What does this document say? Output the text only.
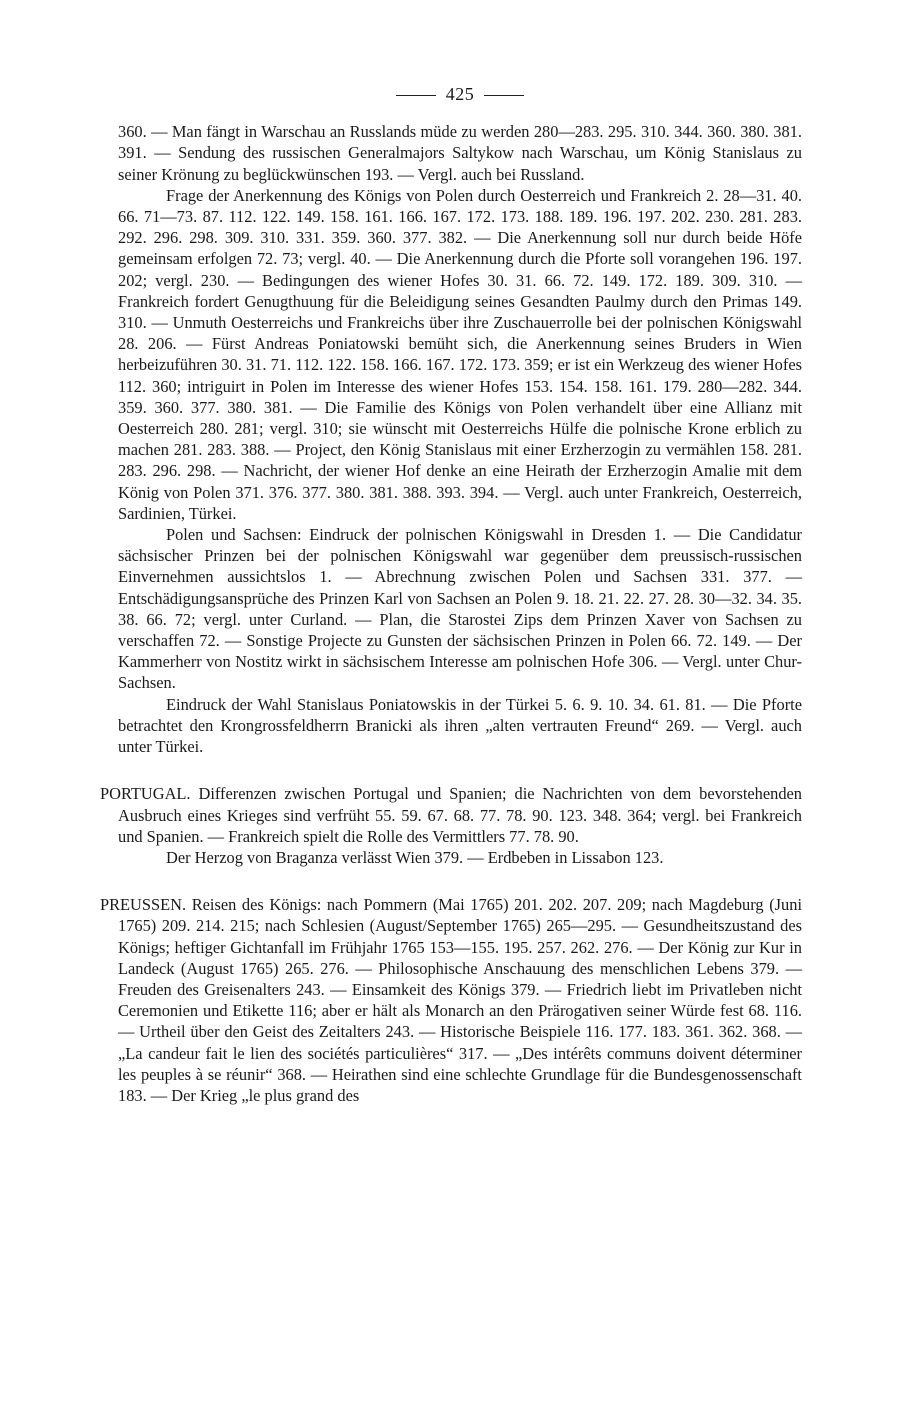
425

360. — Man fängt in Warschau an Russlands müde zu werden 280—283. 295. 310. 344. 360. 380. 381. 391. — Sendung des russischen Generalmajors Saltykow nach Warschau, um König Stanislaus zu seiner Krönung zu beglückwünschen 193. — Vergl. auch bei Russland.

Frage der Anerkennung des Königs von Polen durch Oesterreich und Frankreich 2. 28—31. 40. 66. 71—73. 87. 112. 122. 149. 158. 161. 166. 167. 172. 173. 188. 189. 196. 197. 202. 230. 281. 283. 292. 296. 298. 309. 310. 331. 359. 360. 377. 382. — Die Anerkennung soll nur durch beide Höfe gemeinsam erfolgen 72. 73; vergl. 40. — Die Anerkennung durch die Pforte soll vorangehen 196. 197. 202; vergl. 230. — Bedingungen des wiener Hofes 30. 31. 66. 72. 149. 172. 189. 309. 310. — Frankreich fordert Genugthuung für die Beleidigung seines Gesandten Paulmy durch den Primas 149. 310. — Unmuth Oesterreichs und Frankreichs über ihre Zuschauerrolle bei der polnischen Königswahl 28. 206. — Fürst Andreas Poniatowski bemüht sich, die Anerkennung seines Bruders in Wien herbeizuführen 30. 31. 71. 112. 122. 158. 166. 167. 172. 173. 359; er ist ein Werkzeug des wiener Hofes 112. 360; intriguirt in Polen im Interesse des wiener Hofes 153. 154. 158. 161. 179. 280—282. 344. 359. 360. 377. 380. 381. — Die Familie des Königs von Polen verhandelt über eine Allianz mit Oesterreich 280. 281; vergl. 310; sie wünscht mit Oesterreichs Hülfe die polnische Krone erblich zu machen 281. 283. 388. — Project, den König Stanislaus mit einer Erzherzogin zu vermählen 158. 281. 283. 296. 298. — Nachricht, der wiener Hof denke an eine Heirath der Erzherzogin Amalie mit dem König von Polen 371. 376. 377. 380. 381. 388. 393. 394. — Vergl. auch unter Frankreich, Oesterreich, Sardinien, Türkei.

Polen und Sachsen: Eindruck der polnischen Königswahl in Dresden 1. — Die Candidatur sächsischer Prinzen bei der polnischen Königswahl war gegenüber dem preussisch-russischen Einvernehmen aussichtslos 1. — Abrechnung zwischen Polen und Sachsen 331. 377. — Entschädigungsansprüche des Prinzen Karl von Sachsen an Polen 9. 18. 21. 22. 27. 28. 30—32. 34. 35. 38. 66. 72; vergl. unter Curland. — Plan, die Starostei Zips dem Prinzen Xaver von Sachsen zu verschaffen 72. — Sonstige Projecte zu Gunsten der sächsischen Prinzen in Polen 66. 72. 149. — Der Kammerherr von Nostitz wirkt in sächsischem Interesse am polnischen Hofe 306. — Vergl. unter Chur-Sachsen.

Eindruck der Wahl Stanislaus Poniatowskis in der Türkei 5. 6. 9. 10. 34. 61. 81. — Die Pforte betrachtet den Krongrossfeldherrn Branicki als ihren „alten vertrauten Freund“ 269. — Vergl. auch unter Türkei.

PORTUGAL. Differenzen zwischen Portugal und Spanien; die Nachrichten von dem bevorstehenden Ausbruch eines Krieges sind verfrüht 55. 59. 67. 68. 77. 78. 90. 123. 348. 364; vergl. bei Frankreich und Spanien. — Frankreich spielt die Rolle des Vermittlers 77. 78. 90.

Der Herzog von Braganza verlässt Wien 379. — Erdbeben in Lissabon 123.

PREUSSEN. Reisen des Königs: nach Pommern (Mai 1765) 201. 202. 207. 209; nach Magdeburg (Juni 1765) 209. 214. 215; nach Schlesien (August/September 1765) 265—295. — Gesundheitszustand des Königs; heftiger Gichtanfall im Frühjahr 1765 153—155. 195. 257. 262. 276. — Der König zur Kur in Landeck (August 1765) 265. 276. — Philosophische Anschauung des menschlichen Lebens 379. — Freuden des Greisenalters 243. — Einsamkeit des Königs 379. — Friedrich liebt im Privatleben nicht Ceremonien und Etikette 116; aber er hält als Monarch an den Prärogativen seiner Würde fest 68. 116. — Urtheil über den Geist des Zeitalters 243. — Historische Beispiele 116. 177. 183. 361. 362. 368. — „La candeur fait le lien des sociétés particulières“ 317. — „Des intérêts communs doivent déterminer les peuples à se réunir“ 368. — Heirathen sind eine schlechte Grundlage für die Bundesgenossenschaft 183. — Der Krieg „le plus grand des
